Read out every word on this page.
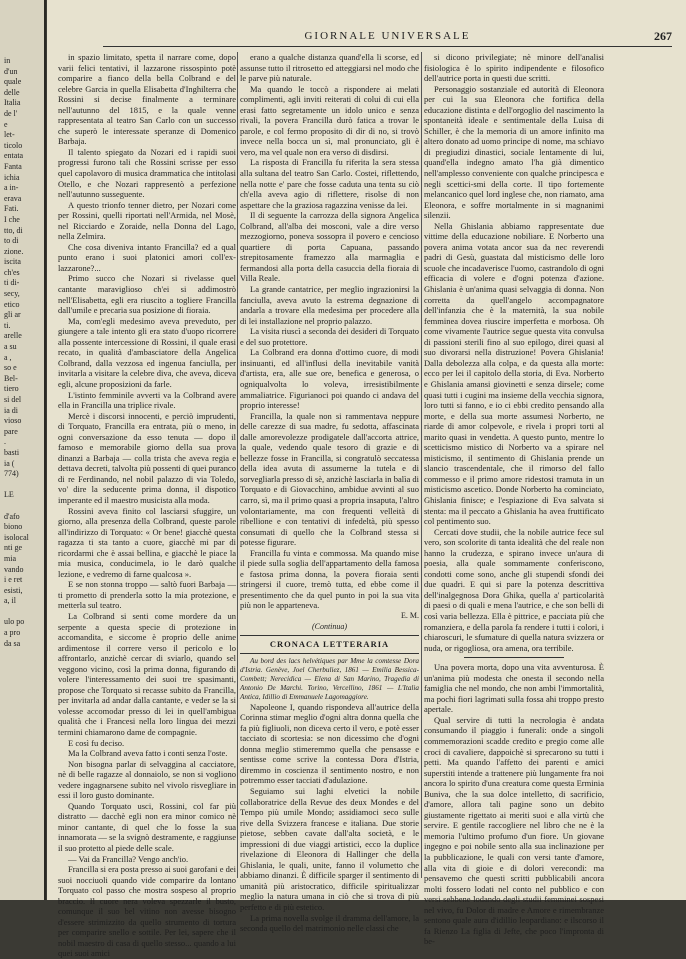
in
d'un
quale
delle
Italia
de l'
e
let-
ticolo
entata
Fanta
ichia
a in-
erava
Fati.
I che
tto, di
to di
zione.
iscita
ch'es
ti di-
secy,
etico
gli ar
ti.
arelle
a su
a ,
so e
Bel-
tiero
si del
ia di
vioso
pare
.
basti
ia (
774)

LE

d'afo
biono
isolocal
nti ge
mia
vando
i e ret
esisti,
a, il

ulo po
a pro
da sa
GIORNALE UNIVERSALE	267

in spazio limitato, spetta il narrare come, dopo varii felici tentativi, il lazzarone rissospinto potè comparire a fianco della bella Colbrand e del celebre Garcia in quella Elisabetta d'Inghilterra che Rossini si decise finalmente a terminare nell'autunno del 1815, e la quale venne rappresentata al teatro San Carlo con un successo che superò le interessate speranze di Domenico Barbaja.

Il talento spiegato da Nozari ed i rapidi suoi progressi furono tali che Rossini scrisse per esso quel capolavoro di musica drammatica che intitolasi Otello, e che Nozari rappresentò a perfezione nell'autunno susseguente.

A questo trionfo tenner dietro, per Nozari come per Rossini, quelli riportati nell'Armida, nel Mosè, nel Ricciardo e Zoraide, nella Donna del Lago, nella Zelmira.

Che cosa diveniva intanto Francilla? ed a qual punto erano i suoi platonici amori coll'ex-lazzarone?...

Primo succo che Nozari si rivelasse quel cantante maraviglioso ch'ei si addimostrò nell'Elisabetta, egli era riuscito a togliere Francilla dall'umile e precaria sua posizione di fioraia.

Ma, com'egli medesimo aveva preveduto, per giungere a tale intento gli era stato d'uopo ricorrere alla possente intercessione di Rossini, il quale erasi recato, in qualità d'ambasciatore della Angelica Colbrand, dalla vezzosa ed ingenua fanciulla, per invitarla a visitare la celebre diva, che aveva, diceva egli, alcune proposizioni da farle.

L'istinto femminile avverti va la Colbrand avere ella in Francilla una triplice rivale.

Mercè i discorsi innocenti, e perciò imprudenti, di Torquato, Francilla era entrata, più o meno, in ogni conversazione da esso tenuta — dopo il famoso e memorabile giorno della sua prova dinanzi a Barbaja — colla trista che aveva regia e dettava decreti, talvolta più possenti di quei puranco di re Ferdinando, nel nobil palazzo di via Toledo, vo' dire la seducente prima donna, il dispotico imperante ed il maestro musicista alla moda.

Rossini aveva finito col lasciarsi sfuggire, un giorno, alla presenza della Colbrand, queste parole all'indirizzo di Torquato: « Or bene! giacchè questa ragazza ti sta tanto a cuore, giacchè mi par di ricordarmi che è assai bellina, e giacchè le piace la mia musica, conducimela, io le darò qualche lezione, e vedremo di farne qualcosa ».

E se non stonna troppo — saltò fuori Barbaja — ti prometto di prenderla sotto la mia protezione, e metterla sul teatro.

La Colbrand si senti come mordere da un serpente a questa specie di protezione in accomandita, e siccome è proprio delle anime ardimentose il correre verso il pericolo e lo affrontarlo, anzichè cercar di sviarlo, quando sel veggono vicino, così la prima donna, figurando di volere l'interessamento dei suoi tre spasimanti, propose che Torquato si recasse subito da Francilla, per invitarla ad andar dalla cantante, e veder se la si volesse accomodar presso di lei in quell'ambigua qualità che i Francesi nella loro lingua dei mezzi termini chiamarono dame de compagnie.

E così fu deciso.

Ma la Colbrand aveva fatto i conti senza l'oste.

Non bisogna parlar di selvaggina al cacciatore, nè di belle ragazze al donnaiolo, se non si vogliono vedere ingagnarsene subito nel vivolo risvegliare in essi il loro gusto dominante.

Quando Torquato usci, Rossini, col far più distratto — dacchè egli non era minor comico nè minor cantante, di quel che lo fosse la sua innamorata — se la svignò destramente, e raggiunse il suo protetto al piede delle scale.

— Vai da Francilla? Vengo anch'io.

Francilla si era posta presso ai suoi garofani e dei suoi nocciuoli quando vide comparire da lontano Torquato col passo che mostra sospeso al proprio braccio. Il cuore nera voleva spezzarle il busto, comunque il suo bel vitino non avesse bisogno d'essere strimizzito da quello strumento di tortura per comparire snello e sottile. Per lei, sapere che il nobil maestro di casa di quello stesso... quando a lui quei suoi amici

erano a qualche distanza quand'ella li scorse, ed assunse tutto il ritrosetto ed atteggiarsi nel modo che le parve più naturale.

Ma quando le toccò a rispondere ai melati complimenti, agli inviti reiterati di colui di cui ella erasi fatto segretamente un idolo unico e senza rivali, la povera Francilla durò fatica a trovar le parole, e col fermo proposito di dir di no, si trovò invece nella bocca un sì, mal pronunciato, gli è vero, ma vel quale non era verso di disdirsi.

La risposta di Francilla fu riferita la sera stessa alla sultana del teatro San Carlo. Costei, riflettendo, nella notte e' pare che fosse caduta una tenta su ciò ch'ella aveva agio di riflettere, risolse di non aspettare che la graziosa ragazzina venisse da lei.

Il di seguente la carrozza della signora Angelica Colbrand, all'alba dei mosconi, vale a dire verso mezzogiorno, poneva sossopra il povero e cencioso quartiere di porta Capuana, passando strepitosamente framezzo alla marmaglia e fermandosi alla porta della casuccia della fioraia di Villa Reale.

La grande cantatrice, per meglio ingrazionirsi la fanciulla, aveva avuto la estrema degnazione di andarla a trovare ella medesima per procedere alla di lei installazione nel proprio palazzo.

La visita riuscì a seconda dei desideri di Torquato e del suo protettore.

La Colbrand era donna d'ottimo cuore, di modi insinuanti, ed all'influsi della inevitabile vanità d'artista, era, alle sue ore, benefica e generosa, o ogniqualvolta lo voleva, irresistibilmente ammaliatrice. Figurianoci poi quando ci andava del proprio interesse!

Francilla, la quale non si rammentava neppure delle carezze di sua madre, fu sedotta, affascinata dalle amorevolezze prodigatele dall'accorta attrice, la quale, vedendo quale tesoro di grazie e di bellezze fosse in Francilla, si congratulò seccatessa della idea avuta di assumerne la tutela e di sorvegliarla presso di sè, anzichè lasciarla in balìa di Torquato e di Giovacchino, ambidue avvinti al suo carro, sì, ma il primo quasi a propria insaputa, l'altro volontariamente, ma con frequenti velleità di ribellione e con tentativi di infedeltà, più spesso consumati di quello che la Colbrand stessa si potesse figurare.

Francilla fu vinta e commossa. Ma quando mise il piede sulla soglia dell'appartamento della famosa e fastosa prima donna, la povera fioraia senti stringersi il cuore, tremò tutta, ed ebbe come il presentimento che da quel punto in poi la sua vita più non le apparteneva.

E. M.
(Continua)
CRONACA LETTERARIA

Au bord des lacs helvétiques par Mme la comtesse Dora d'Istria. Genève, Joel Cherbuliez, 1861 — Emilia Bessica-Combett; Nerecidica — Elena di San Marino, Tragedia di Antonio De Marchi. Torino, Vercellino, 1861 — L'Italia Antica, Idillio di Emmanuele Lagomaggiore.

Napoleone I, quando rispondeva all'autrice della Corinna stimar meglio d'ogni altra donna quella che fa più figliuoli, non diceva certo il vero, e potè esser tacciato di scortesia: se non dicessimo che d'ogni donna meglio stimeremmo quella che pensasse e sentisse come scrive la contessa Dora d'Istria, diremmo in coscienza il sentimento nostro, e non potremmo esser tacciati d'adulazione.

Seguiamo sui laghi elvetici la nobile collaboratrice della Revue des deux Mondes e del Tempo più umile Mondo; assidiamoci seco sulle rive della Svizzera francese e italiana. Due storie pietose, sebben cavate dall'alta società, e le impressioni di due viaggi artistici, ecco la duplice rivelazione di Eleonora di Hallinger che della Ghislania, le quali, unite, fanno il volumetto che abbiamo dinanzi. È difficile sparger il sentimento di umanità più aristocratico, difficile spiritualizzar meglio la natura umana in ciò che si trova di più perfetto e di più estetico.

La prima novella svolge il dramma dell'amore, la seconda quello del matrimonio nelle classi che

si dicono privilegiate; nè minore dell'analisi fisiologica è lo spirito indipendente e filosofico dell'autrice porta in questi due scritti.

Personaggio sostanziale ed autorità di Eleonora per cui la sua Eleonora che fortifica della educazione distinta e dell'orgoglio del nascimento la spontaneità ideale e sentimentale della Luisa di Schiller, è che la memoria di un amore infinito ma altero donato ad uomo principe di nome, ma schiavo di pregiudizi dinastici, sociale lentamente di lui, quand'ella indegno amato l'ha già dimentico nell'amplesso conveniente con qualche principesca e negli scettici-smi della corte. Il tipo fortemente melancanico quel lord inglese che, non riamato, ama Eleonora, e soffre mortalmente in si magnanimi silenzii.

Nella Ghislania abbiamo rappresentate due vittime della educazione nobiliare. E Norberto una povera anima votata ancor sua da nec reverendi padri di Gesù, guastata dal misticismo delle loro scuole che incadaverisce l'uomo, castrandolo di ogni efficacia di volere e d'ogni potenza d'azione. Ghislania è un'anima quasi selvaggia di donna. Non corretta da quell'angelo accompagnatore dell'infanzia che è la maternità, la sua nobile femminea dovea riuscire imperfetta e morbosa. Oh come vivamente l'autrice segue questa vita convulsa di passioni sterili fino al suo epilogo, direi quasi al suo divorarsi nella distruzione! Povera Ghislania! Dalla debolezza alla colpa, e da questa alla morte: ecco per lei il capitolo della storia, di Eva. Norberto e Ghislania amansi giovinetti e senza dirsele; come quasi tutti i cugini ma insieme della vecchia signora, loro tutti si fanno, e io ci ebbi credito pensando alla morte, e della sua morte assumesi Norberto, ne riarde di amor colpevole, e rivela i propri torti al marito quasi in vendetta. A questo punto, mentre lo scetticismo mistico di Norberto va a spirare nel misticismo, il sentimento di Ghislania prende un slancio trascendentale, che il rimorso del fallo commesso e il primo amore ridestosi tramuta in un misticismo ascetico. Donde Norberto ha cominciato, Ghislania finisce; e l'espiazione di Eva salvata si stenta: ma il peccato a Ghislania ha avea fruttificato col pentimento suo.

Cercati dove studii, che la nobile autrice fece sul vero, son scolorite di tanta idealità che del reale non hanno la crudezza, e spirano invece un'aura di poesia, alla quale sommamente conferiscono, condotti come sono, anche gli stupendi sfondi dei due quadri. E qui si pare la potenza descrittiva dell'inalgegnosa Dora Ghika, quella a' particolarità di paesi o di quali e mena l'autrice, e che son belli di così varia bellezza. Ella è pittrice, e pacciata più che romanziera, e della parola fa rendere i tutti i colori, i chiaroscuri, le sfumature di quella natura svizzera or nuda, or rigogliosa, ora amena, ora terribile.

Una povera morta, dopo una vita avventurosa. È un'anima più modesta che onesta il secondo nella famiglia che nel mondo, che non ambi l'immortalità, ma pochi fiori lagrimati sulla fossa ahi troppo presto apertale.

Qual servire di tutti la necrologia è andata consumando il piaggio i funerali: onde a singoli commemorazioni scadde credito e pregio come alle croci di cavaliere, dappoichè si sprecarono su tutti i petti. Ma quando l'affetto dei parenti e amici superstiti intende a trattenere più lungamente fra noi ancora lo spirito d'una creatura come questa Erminia Buniva, che la sua dolce intelletto, di sacrificio, d'amore, allora tali pagine sono un debito giustamente rigettato ai meriti suoi e alla virtù che servire. E gentile raccogliere nel libro che ne è la memoria l'ultimo profumo d'un fiore. Un giovane ingegno e poi nobile sento alla sua inclinazione per la pubblicazione, le quali con versi tante d'amore, alla vita di gioie e di dolori verecondi: ma pensavemo che questi scritti pubblicabili ancora molti fossero lodati nel conto nel pubblico e con versi sebbene lodando degli studii femminei sospesi nel vivo, fu Dolor di madre e Amore e rimembranze sentono quale aura d'idillio leopardiano: e ilscorso il fa Rienzo La figlia di Jefte, che poco l'impronta di be-
